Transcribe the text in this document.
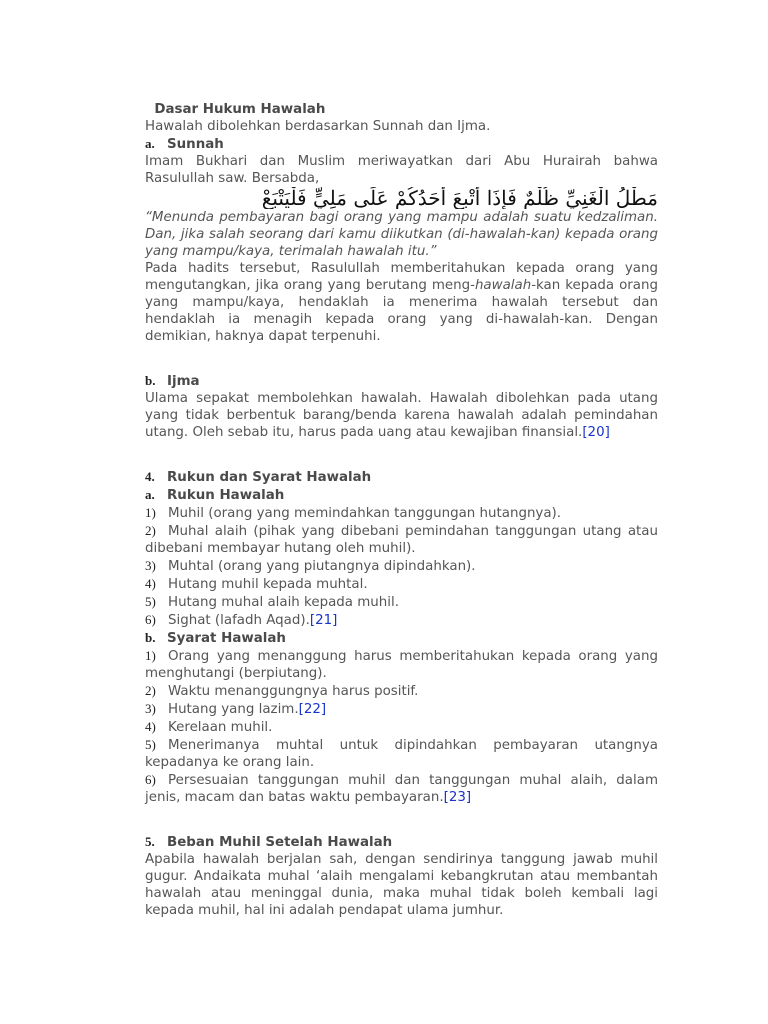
Dasar Hukum Hawalah

Hawalah dibolehkan berdasarkan Sunnah dan Ijma.

a. Sunnah

Imam Bukhari dan Muslim meriwayatkan dari Abu Hurairah bahwa Rasulullah saw. Bersabda,

مَطْلُ الْغَنِيِّ ظُلْمٌ فَإِذَا أُتْبِعَ أَحَدُكُمْ عَلَى مَلِيٍّ فَلْيَتْبَعْ

“Menunda pembayaran bagi orang yang mampu adalah suatu kedzaliman. Dan, jika salah seorang dari kamu diikutkan (di-hawalah-kan) kepada orang yang mampu/kaya, terimalah hawalah itu.”

Pada hadits tersebut, Rasulullah memberitahukan kepada orang yang mengutangkan, jika orang yang berutang meng-hawalah-kan kepada orang yang mampu/kaya, hendaklah ia menerima hawalah tersebut dan hendaklah ia menagih kepada orang yang di-hawalah-kan. Dengan demikian, haknya dapat terpenuhi.

b. Ijma

Ulama sepakat membolehkan hawalah. Hawalah dibolehkan pada utang yang tidak berbentuk barang/benda karena hawalah adalah pemindahan utang. Oleh sebab itu, harus pada uang atau kewajiban finansial.[20]

4. Rukun dan Syarat Hawalah

a. Rukun Hawalah

1) Muhil (orang yang memindahkan tanggungan hutangnya).

2) Muhal alaih (pihak yang dibebani pemindahan tanggungan utang atau dibebani membayar hutang oleh muhil).

3) Muhtal (orang yang piutangnya dipindahkan).

4) Hutang muhil kepada muhtal.

5) Hutang muhal alaih kepada muhil.

6) Sighat (lafadh Aqad).[21]

b. Syarat Hawalah

1) Orang yang menanggung harus memberitahukan kepada orang yang menghutangi (berpiutang).

2) Waktu menanggungnya harus positif.

3) Hutang yang lazim.[22]

4) Kerelaan muhil.

5) Menerimanya muhtal untuk dipindahkan pembayaran utangnya kepadanya ke orang lain.

6) Persesuaian tanggungan muhil dan tanggungan muhal alaih, dalam jenis, macam dan batas waktu pembayaran.[23]

5. Beban Muhil Setelah Hawalah

Apabila hawalah berjalan sah, dengan sendirinya tanggung jawab muhil gugur. Andaikata muhal ‘alaih mengalami kebangkrutan atau membantah hawalah atau meninggal dunia, maka muhal tidak boleh kembali lagi kepada muhil, hal ini adalah pendapat ulama jumhur.
